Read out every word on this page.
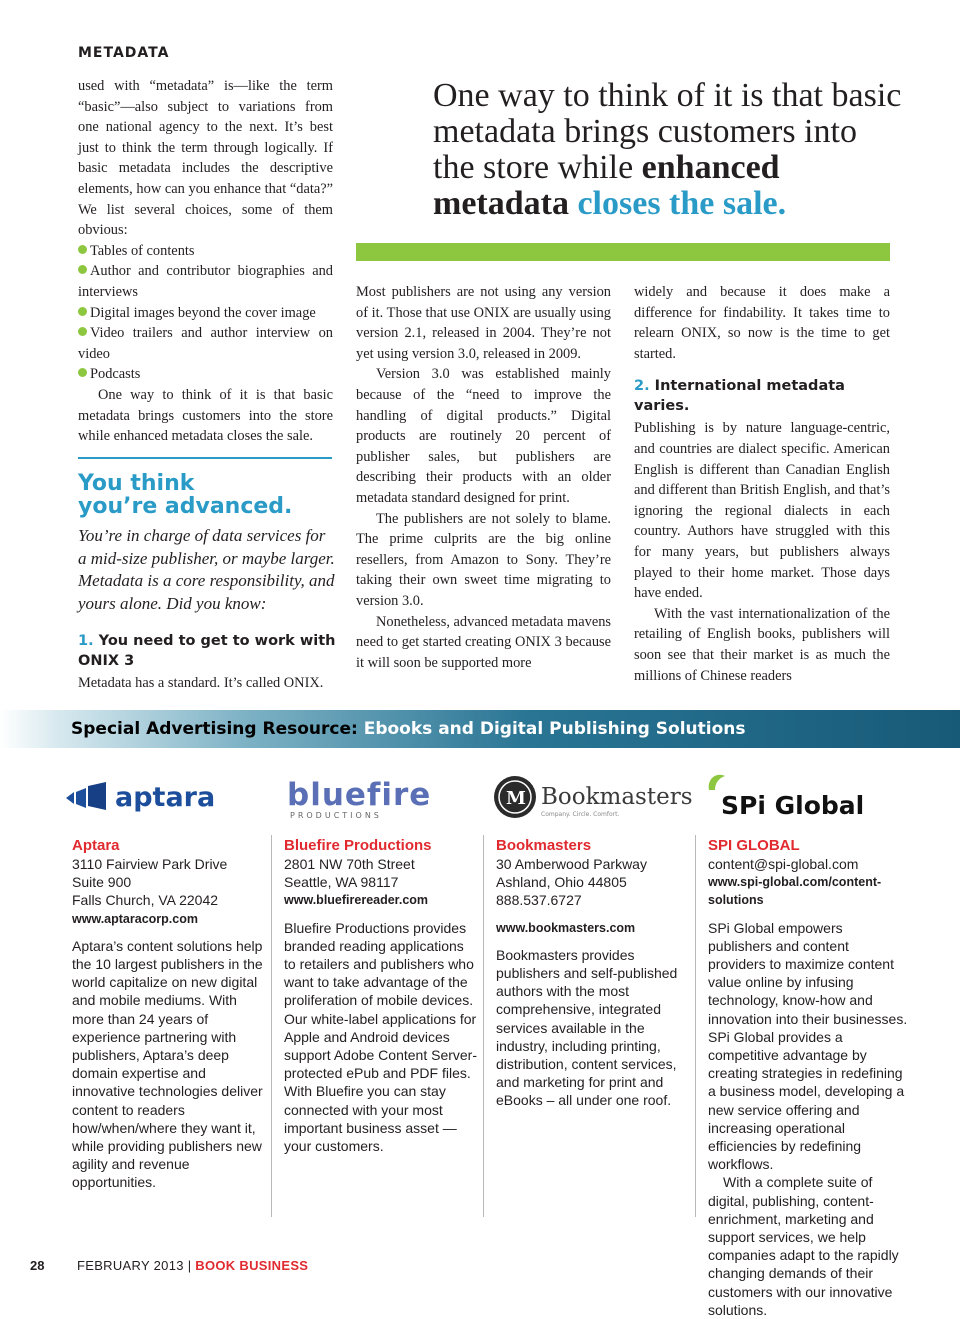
METADATA

used with “metadata” is—like the term “basic”—also subject to variations from one national agency to the next. It’s best just to think the term through logically. If basic metadata includes the descriptive elements, how can you enhance that “data?” We list several choices, some of them obvious:

Tables of contents
Author and contributor biographies and interviews
Digital images beyond the cover image
Video trailers and author interview on video
Podcasts

One way to think of it is that basic metadata brings customers into the store while enhanced metadata closes the sale.

You think
you’re advanced.
You’re in charge of data services for a mid-size publisher, or maybe larger. Metadata is a core responsibility, and yours alone. Did you know:
1. You need to get to work with ONIX 3
Metadata has a standard. It’s called ONIX.
One way to think of it is that basic metadata brings customers into the store while enhanced metadata closes the sale.

Most publishers are not using any version of it. Those that use ONIX are usually using version 2.1, released in 2004. They’re not yet using version 3.0, released in 2009.

Version 3.0 was established mainly because of the “need to improve the handling of digital products.” Digital products are routinely 20 percent of publisher sales, but publishers are describing their products with an older metadata standard designed for print.

The publishers are not solely to blame. The prime culprits are the big online resellers, from Amazon to Sony. They’re taking their own sweet time migrating to version 3.0.

Nonetheless, advanced metadata mavens need to get started creating ONIX 3 because it will soon be supported more

widely and because it does make a difference for findability. It takes time to relearn ONIX, so now is the time to get started.

2. International metadata varies.

Publishing is by nature language-centric, and countries are dialect specific. American English is different than Canadian English and different than British English, and that’s ignoring the regional dialects in each country. Authors have struggled with this for many years, but publishers always played to their home market. Those days have ended.

With the vast internationalization of the retailing of English books, publishers will soon see that their market is as much the millions of Chinese readers

Special Advertising Resource: Ebooks and Digital Publishing Solutions
aptara bluefire
PRODUCTIONS
M Bookmasters
Company. Circle. Comfort.	SPi Global
Aptara
3110 Fairview Park Drive
Suite 900
Falls Church, VA 22042
www.aptaracorp.com

Aptara’s content solutions help the 10 largest publishers in the world capitalize on new digital and mobile mediums. With more than 24 years of experience partnering with publishers, Aptara’s deep domain expertise and innovative technologies deliver content to readers how/when/where they want it, while providing publishers new agility and revenue opportunities.

Bluefire Productions
2801 NW 70th Street
Seattle, WA 98117
www.bluefirereader.com

Bluefire Productions provides branded reading applications to retailers and publishers who want to take advantage of the proliferation of mobile devices. Our white-label applications for Apple and Android devices support Adobe Content Server-protected ePub and PDF files. With Bluefire you can stay connected with your most important business asset — your customers.

Bookmasters
30 Amberwood Parkway
Ashland, Ohio 44805
888.537.6727
www.bookmasters.com

Bookmasters provides publishers and self-published authors with the most comprehensive, integrated services available in the industry, including printing, distribution, content services, and marketing for print and eBooks – all under one roof.

SPI GLOBAL
content@spi-global.com
www.spi-global.com/content-solutions

SPi Global empowers publishers and content providers to maximize content value online by infusing technology, know-how and innovation into their businesses. SPi Global provides a competitive advantage by creating strategies in redefining a business model, developing a new service offering and increasing operational efficiencies by redefining workflows.

With a complete suite of digital, publishing, content-enrichment, marketing and support services, we help companies adapt to the rapidly changing demands of their customers with our innovative solutions.

28	FEBRUARY 2013 | BOOK BUSINESS
